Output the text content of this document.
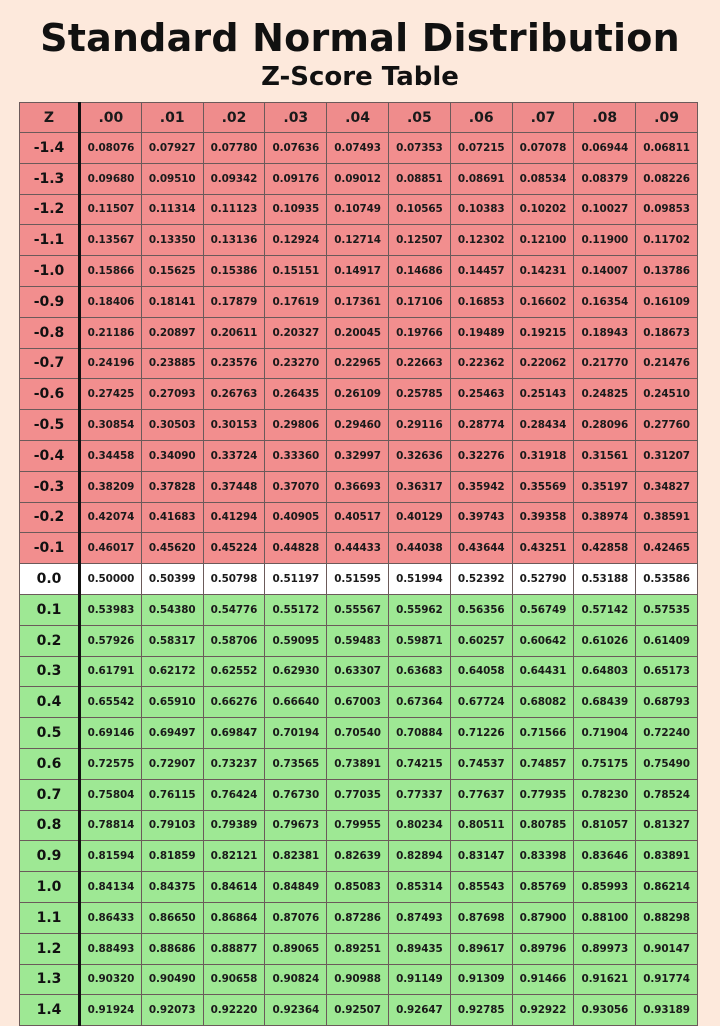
Standard Normal Distribution
Z-Score Table
Z	.00	.01	.02	.03	.04	.05	.06	.07	.08	.09
-1.4	0.08076	0.07927	0.07780	0.07636	0.07493	0.07353	0.07215	0.07078	0.06944	0.06811
-1.3	0.09680	0.09510	0.09342	0.09176	0.09012	0.08851	0.08691	0.08534	0.08379	0.08226
-1.2	0.11507	0.11314	0.11123	0.10935	0.10749	0.10565	0.10383	0.10202	0.10027	0.09853
-1.1	0.13567	0.13350	0.13136	0.12924	0.12714	0.12507	0.12302	0.12100	0.11900	0.11702
-1.0	0.15866	0.15625	0.15386	0.15151	0.14917	0.14686	0.14457	0.14231	0.14007	0.13786
-0.9	0.18406	0.18141	0.17879	0.17619	0.17361	0.17106	0.16853	0.16602	0.16354	0.16109
-0.8	0.21186	0.20897	0.20611	0.20327	0.20045	0.19766	0.19489	0.19215	0.18943	0.18673
-0.7	0.24196	0.23885	0.23576	0.23270	0.22965	0.22663	0.22362	0.22062	0.21770	0.21476
-0.6	0.27425	0.27093	0.26763	0.26435	0.26109	0.25785	0.25463	0.25143	0.24825	0.24510
-0.5	0.30854	0.30503	0.30153	0.29806	0.29460	0.29116	0.28774	0.28434	0.28096	0.27760
-0.4	0.34458	0.34090	0.33724	0.33360	0.32997	0.32636	0.32276	0.31918	0.31561	0.31207
-0.3	0.38209	0.37828	0.37448	0.37070	0.36693	0.36317	0.35942	0.35569	0.35197	0.34827
-0.2	0.42074	0.41683	0.41294	0.40905	0.40517	0.40129	0.39743	0.39358	0.38974	0.38591
-0.1	0.46017	0.45620	0.45224	0.44828	0.44433	0.44038	0.43644	0.43251	0.42858	0.42465
0.0	0.50000	0.50399	0.50798	0.51197	0.51595	0.51994	0.52392	0.52790	0.53188	0.53586
0.1	0.53983	0.54380	0.54776	0.55172	0.55567	0.55962	0.56356	0.56749	0.57142	0.57535
0.2	0.57926	0.58317	0.58706	0.59095	0.59483	0.59871	0.60257	0.60642	0.61026	0.61409
0.3	0.61791	0.62172	0.62552	0.62930	0.63307	0.63683	0.64058	0.64431	0.64803	0.65173
0.4	0.65542	0.65910	0.66276	0.66640	0.67003	0.67364	0.67724	0.68082	0.68439	0.68793
0.5	0.69146	0.69497	0.69847	0.70194	0.70540	0.70884	0.71226	0.71566	0.71904	0.72240
0.6	0.72575	0.72907	0.73237	0.73565	0.73891	0.74215	0.74537	0.74857	0.75175	0.75490
0.7	0.75804	0.76115	0.76424	0.76730	0.77035	0.77337	0.77637	0.77935	0.78230	0.78524
0.8	0.78814	0.79103	0.79389	0.79673	0.79955	0.80234	0.80511	0.80785	0.81057	0.81327
0.9	0.81594	0.81859	0.82121	0.82381	0.82639	0.82894	0.83147	0.83398	0.83646	0.83891
1.0	0.84134	0.84375	0.84614	0.84849	0.85083	0.85314	0.85543	0.85769	0.85993	0.86214
1.1	0.86433	0.86650	0.86864	0.87076	0.87286	0.87493	0.87698	0.87900	0.88100	0.88298
1.2	0.88493	0.88686	0.88877	0.89065	0.89251	0.89435	0.89617	0.89796	0.89973	0.90147
1.3	0.90320	0.90490	0.90658	0.90824	0.90988	0.91149	0.91309	0.91466	0.91621	0.91774
1.4	0.91924	0.92073	0.92220	0.92364	0.92507	0.92647	0.92785	0.92922	0.93056	0.93189
